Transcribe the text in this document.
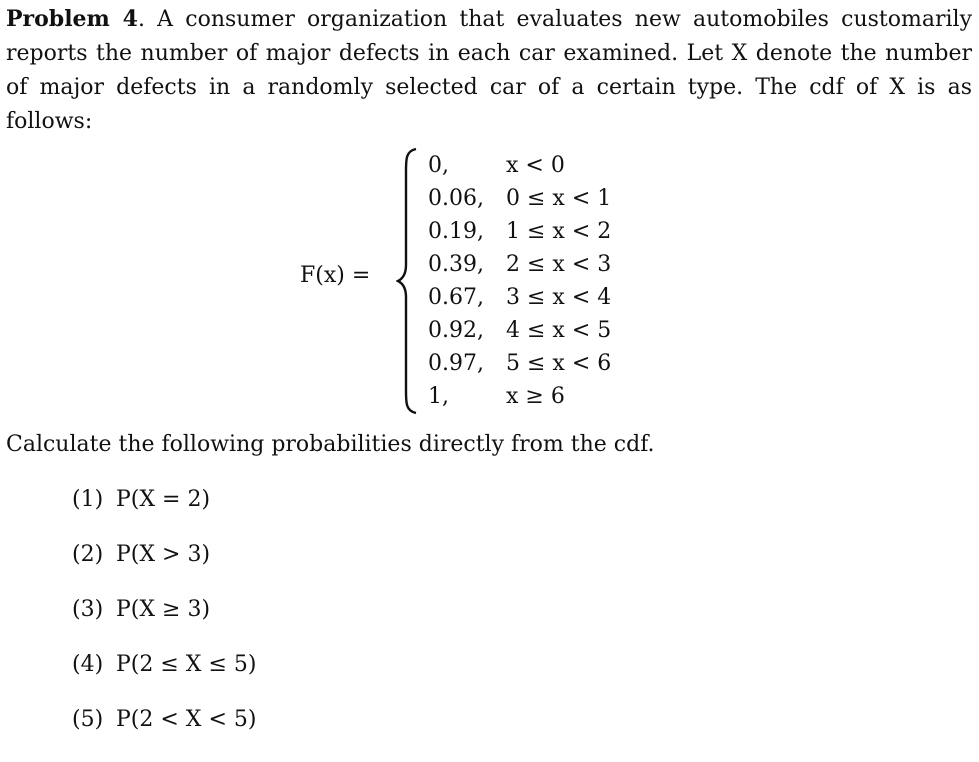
Problem 4. A consumer organization that evaluates new automobiles customarily
reports the number of major defects in each car examined. Let X denote the number
of major defects in a randomly selected car of a certain type. The cdf of X is as
follows:
F(x) =
0,	x < 0
0.06, 0 ≤ x < 1
0.19, 1 ≤ x < 2
0.39, 2 ≤ x < 3
0.67, 3 ≤ x < 4
0.92, 4 ≤ x < 5
0.97, 5 ≤ x < 6
1,	x ≥ 6
Calculate the following probabilities directly from the cdf.
(1) P(X = 2)
(2) P(X > 3)
(3) P(X ≥ 3)
(4) P(2 ≤ X ≤ 5)
(5) P(2 < X < 5)
